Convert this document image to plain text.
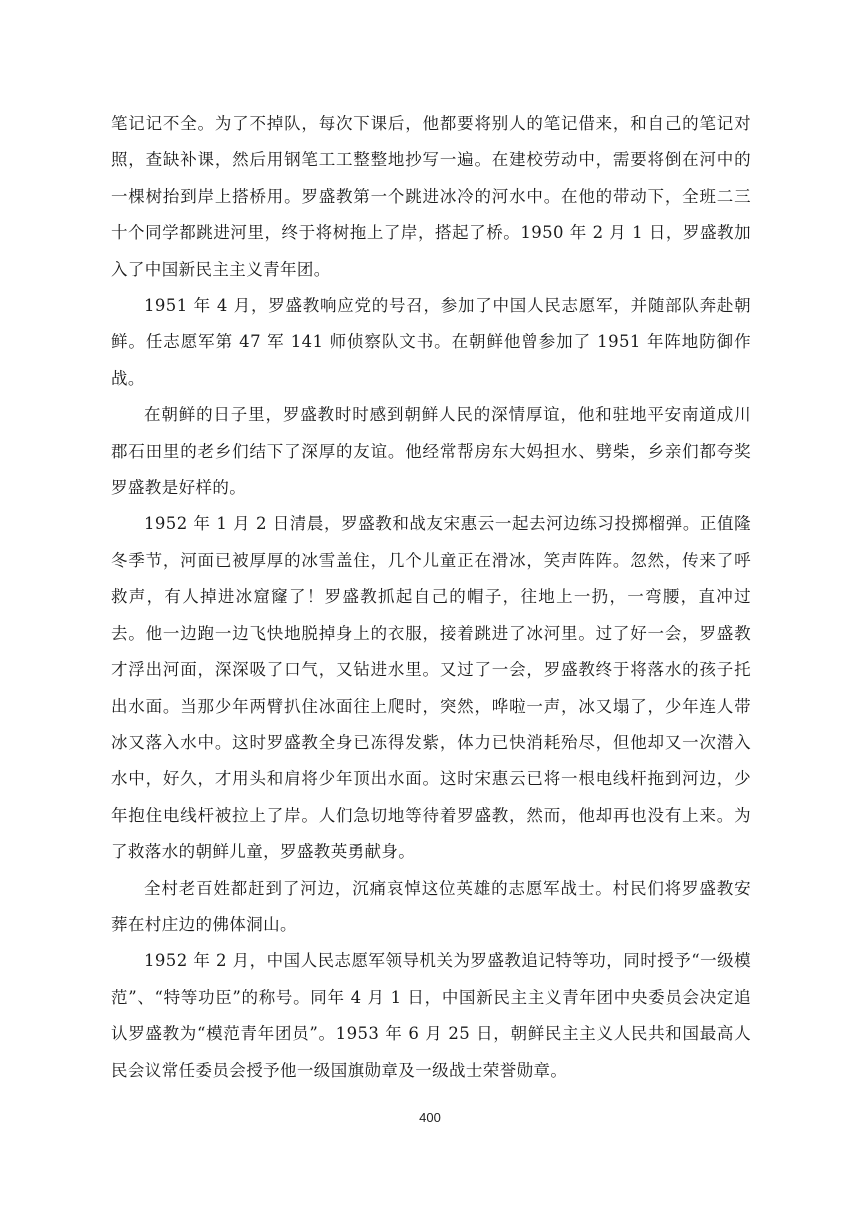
笔记记不全。为了不掉队，每次下课后，他都要将别人的笔记借来，和自己的笔记对照，查缺补课，然后用钢笔工工整整地抄写一遍。在建校劳动中，需要将倒在河中的一棵树抬到岸上搭桥用。罗盛教第一个跳进冰冷的河水中。在他的带动下，全班二三十个同学都跳进河里，终于将树拖上了岸，搭起了桥。1950 年 2 月 1 日，罗盛教加入了中国新民主主义青年团。

1951 年 4 月，罗盛教响应党的号召，参加了中国人民志愿军，并随部队奔赴朝鲜。任志愿军第 47 军 141 师侦察队文书。在朝鲜他曾参加了 1951 年阵地防御作战。

在朝鲜的日子里，罗盛教时时感到朝鲜人民的深情厚谊，他和驻地平安南道成川郡石田里的老乡们结下了深厚的友谊。他经常帮房东大妈担水、劈柴，乡亲们都夸奖罗盛教是好样的。

1952 年 1 月 2 日清晨，罗盛教和战友宋惠云一起去河边练习投掷榴弹。正值隆冬季节，河面已被厚厚的冰雪盖住，几个儿童正在滑冰，笑声阵阵。忽然，传来了呼救声，有人掉进冰窟窿了！罗盛教抓起自己的帽子，往地上一扔，一弯腰，直冲过去。他一边跑一边飞快地脱掉身上的衣服，接着跳进了冰河里。过了好一会，罗盛教才浮出河面，深深吸了口气，又钻进水里。又过了一会，罗盛教终于将落水的孩子托出水面。当那少年两臂扒住冰面往上爬时，突然，哗啦一声，冰又塌了，少年连人带冰又落入水中。这时罗盛教全身已冻得发紫，体力已快消耗殆尽，但他却又一次潜入水中，好久，才用头和肩将少年顶出水面。这时宋惠云已将一根电线杆拖到河边，少年抱住电线杆被拉上了岸。人们急切地等待着罗盛教，然而，他却再也没有上来。为了救落水的朝鲜儿童，罗盛教英勇献身。

全村老百姓都赶到了河边，沉痛哀悼这位英雄的志愿军战士。村民们将罗盛教安葬在村庄边的佛体洞山。

1952 年 2 月，中国人民志愿军领导机关为罗盛教追记特等功，同时授予“一级模范”、“特等功臣”的称号。同年 4 月 1 日，中国新民主主义青年团中央委员会决定追认罗盛教为“模范青年团员”。1953 年 6 月 25 日，朝鲜民主主义人民共和国最高人民会议常任委员会授予他一级国旗勋章及一级战士荣誉勋章。

400
